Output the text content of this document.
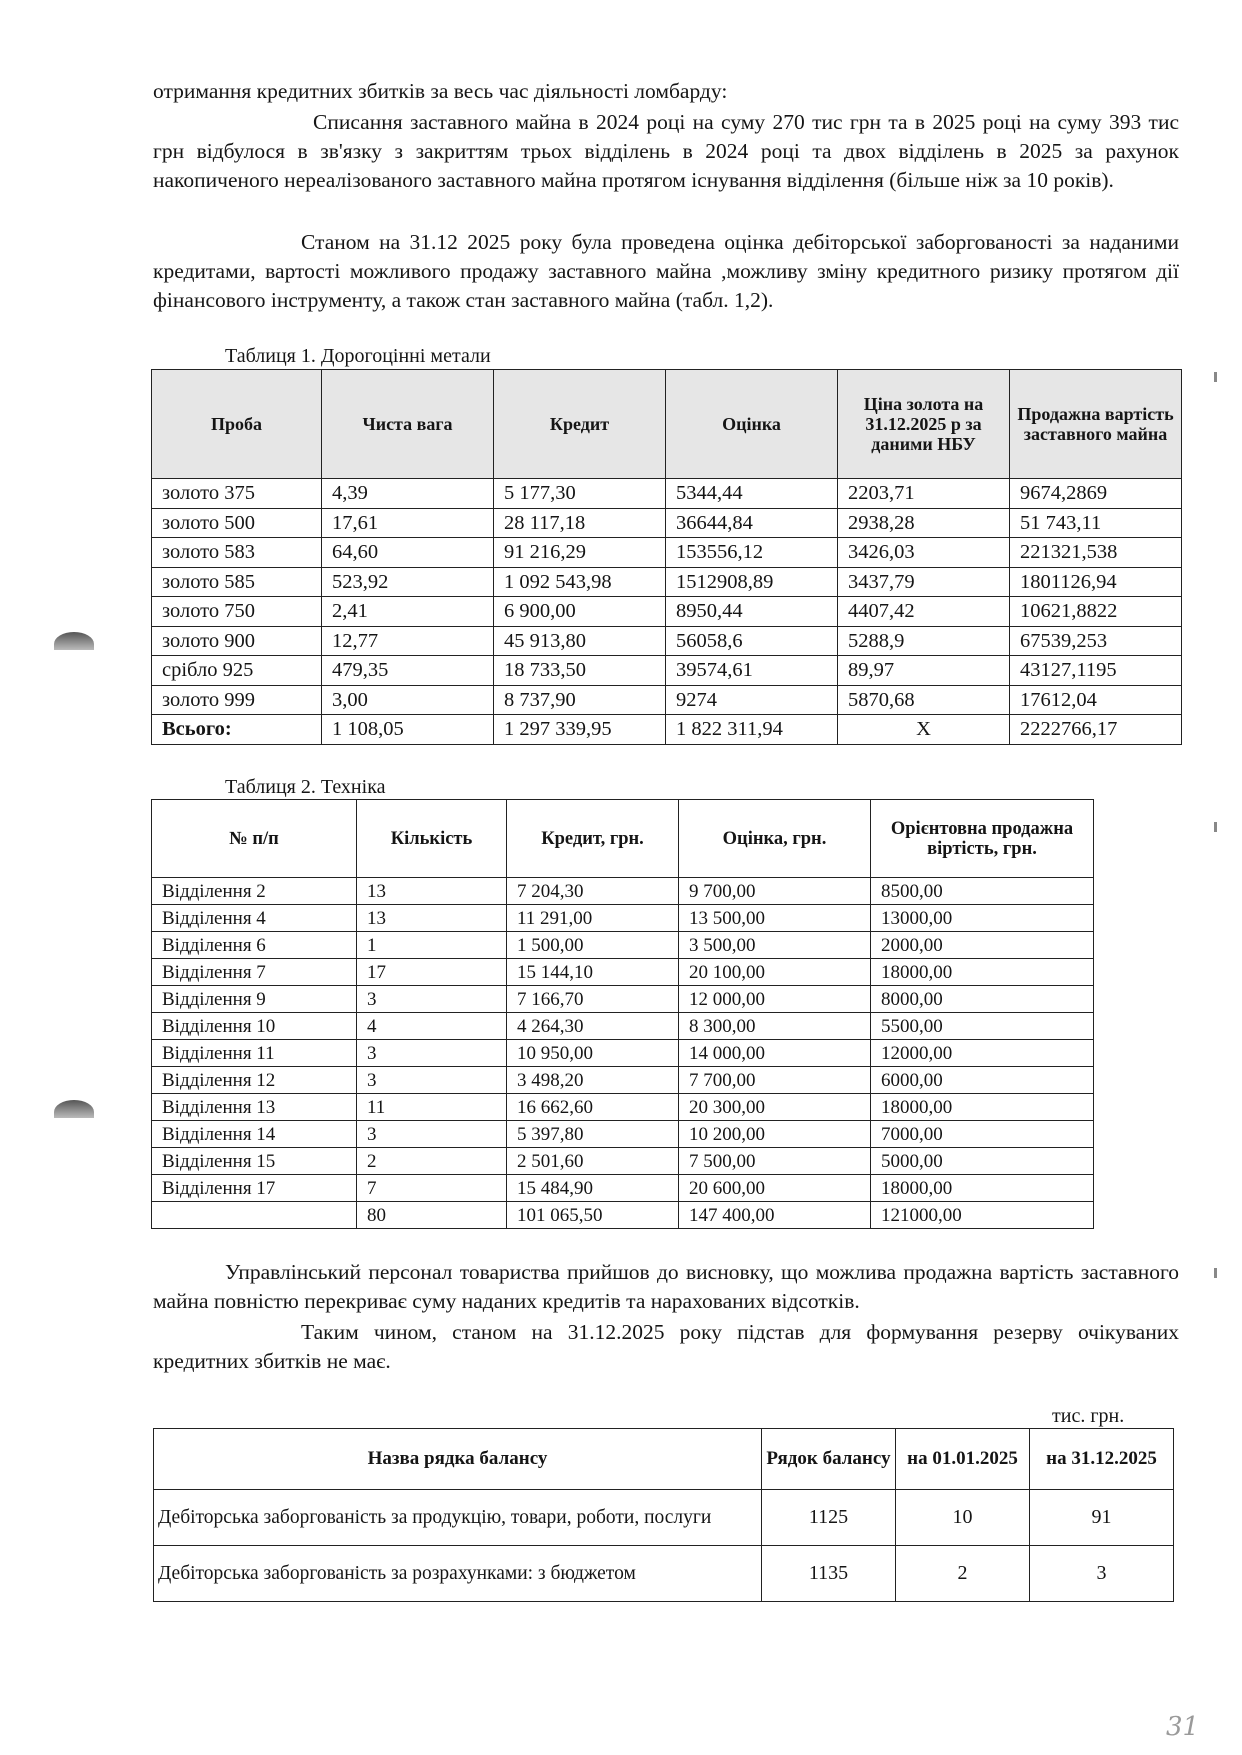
отримання кредитних збитків за весь час діяльності ломбарду:

Списання заставного майна в 2024 році на суму 270 тис грн та в 2025 році на суму 393 тис грн відбулося в зв'язку з закриттям трьох відділень в 2024 році та двох відділень в 2025 за рахунок накопиченого нереалізованого заставного майна протягом існування відділення (більше ніж за 10 років).

Станом на 31.12 2025 року була проведена оцінка дебіторської заборгованості за наданими кредитами, вартості можливого продажу заставного майна ,можливу зміну кредитного ризику протягом дії фінансового інструменту, а також стан заставного майна (табл. 1,2).

Таблиця 1. Дорогоцінні метали

Проба	Чиста вага	Кредит	Оцінка	Ціна золота на 31.12.2025 р за даними НБУ	Продажна вартість заставного майна
золото 375	4,39	5 177,30	5344,44	2203,71	9674,2869
золото 500	17,61	28 117,18	36644,84	2938,28	51 743,11
золото 583	64,60	91 216,29	153556,12	3426,03	221321,538
золото 585	523,92	1 092 543,98	1512908,89	3437,79	1801126,94
золото 750	2,41	6 900,00	8950,44	4407,42	10621,8822
золото 900	12,77	45 913,80	56058,6	5288,9	67539,253
срібло 925	479,35	18 733,50	39574,61	89,97	43127,1195
золото 999	3,00	8 737,90	9274	5870,68	17612,04
Всього:	1 108,05	1 297 339,95	1 822 311,94	Х	2222766,17

Таблиця 2. Техніка

№ п/п	Кількість	Кредит, грн.	Оцінка, грн.	Орієнтовна продажна віртість, грн.
Відділення 2	13	7 204,30	9 700,00	8500,00
Відділення 4	13	11 291,00	13 500,00	13000,00
Відділення 6	1	1 500,00	3 500,00	2000,00
Відділення 7	17	15 144,10	20 100,00	18000,00
Відділення 9	3	7 166,70	12 000,00	8000,00
Відділення 10	4	4 264,30	8 300,00	5500,00
Відділення 11	3	10 950,00	14 000,00	12000,00
Відділення 12	3	3 498,20	7 700,00	6000,00
Відділення 13	11	16 662,60	20 300,00	18000,00
Відділення 14	3	5 397,80	10 200,00	7000,00
Відділення 15	2	2 501,60	7 500,00	5000,00
Відділення 17	7	15 484,90	20 600,00	18000,00
	80	101 065,50	147 400,00	121000,00

Управлінський персонал товариства прийшов до висновку, що можлива продажна вартість заставного майна повністю перекриває суму наданих кредитів та нарахованих відсотків.

Таким чином, станом на 31.12.2025 року підстав для формування резерву очікуваних кредитних збитків не має.

тис. грн.

Назва рядка балансу	Рядок балансу	на 01.01.2025	на 31.12.2025
Дебіторська заборгованість за продукцію, товари, роботи, послуги	1125	10	91
Дебіторська заборгованість за розрахунками: з бюджетом	1135	2	3
31
